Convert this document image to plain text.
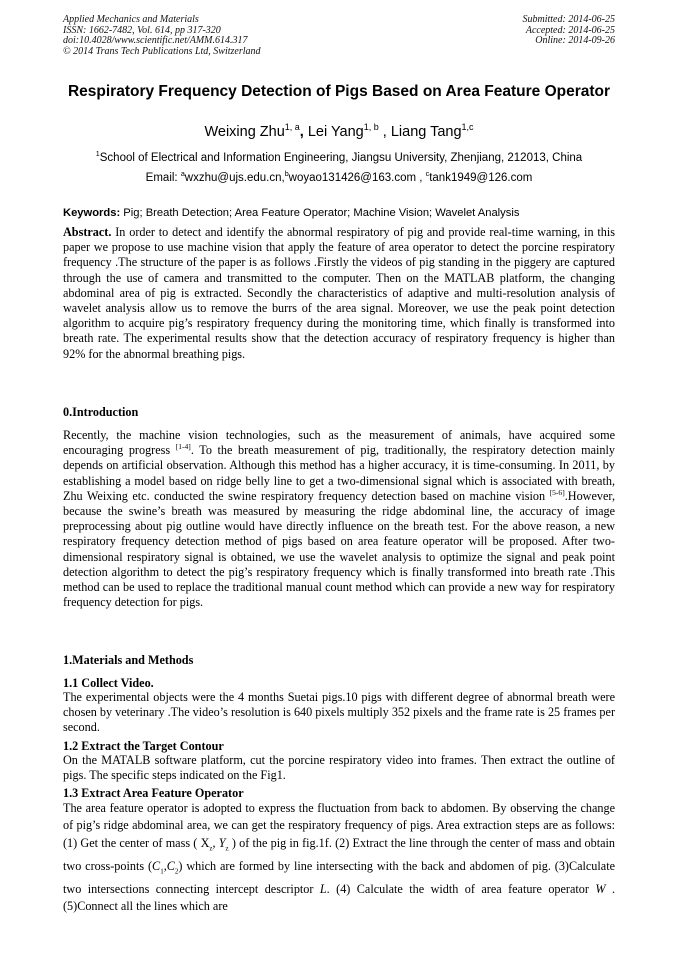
Applied Mechanics and Materials
ISSN: 1662-7482, Vol. 614, pp 317-320
doi:10.4028/www.scientific.net/AMM.614.317
© 2014 Trans Tech Publications Ltd, Switzerland
Submitted: 2014-06-25
Accepted: 2014-06-25
Online: 2014-09-26
Respiratory Frequency Detection of Pigs Based on Area Feature Operator
Weixing Zhu$^{1, a}$, Lei Yang$^{1, b}$ , Liang Tang$^{1,c}$
$^1$School of Electrical and Information Engineering, Jiangsu University, Zhenjiang, 212013, China
Email: $^a$wxzhu@ujs.edu.cn,$^b$woyao131426@163.com , $^c$tank1949@126.com
Keywords: Pig; Breath Detection; Area Feature Operator; Machine Vision; Wavelet Analysis
Abstract. In order to detect and identify the abnormal respiratory of pig and provide real-time warning, in this paper we propose to use machine vision that apply the feature of area operator to detect the porcine respiratory frequency .The structure of the paper is as follows .Firstly the videos of pig standing in the piggery are captured through the use of camera and transmitted to the computer. Then on the MATLAB platform, the changing abdominal area of pig is extracted. Secondly the characteristics of adaptive and multi-resolution analysis of wavelet analysis allow us to remove the burrs of the area signal. Moreover, we use the peak point detection algorithm to acquire pig’s respiratory frequency during the monitoring time, which finally is transformed into breath rate. The experimental results show that the detection accuracy of respiratory frequency is higher than 92% for the abnormal breathing pigs.
0.Introduction
Recently, the machine vision technologies, such as the measurement of animals, have acquired some encouraging progress [1-4]. To the breath measurement of pig, traditionally, the respiratory detection mainly depends on artificial observation. Although this method has a higher accuracy, it is time-consuming. In 2011, by establishing a model based on ridge belly line to get a two-dimensional signal which is associated with breath, Zhu Weixing etc. conducted the swine respiratory frequency detection based on machine vision [5-6].However, because the swine’s breath was measured by measuring the ridge abdominal line, the accuracy of image preprocessing about pig outline would have directly influence on the breath test. For the above reason, a new respiratory frequency detection method of pigs based on area feature operator will be proposed. After two-dimensional respiratory signal is obtained, we use the wavelet analysis to optimize the signal and peak point detection algorithm to detect the pig’s respiratory frequency which is finally transformed into breath rate .This method can be used to replace the traditional manual count method which can provide a new way for respiratory frequency detection for pigs.
1.Materials and Methods
1.1 Collect Video.
The experimental objects were the 4 months Suetai pigs.10 pigs with different degree of abnormal breath were chosen by veterinary .The video’s resolution is 640 pixels multiply 352 pixels and the frame rate is 25 frames per second.
1.2 Extract the Target Contour
On the MATALB software platform, cut the porcine respiratory video into frames. Then extract the outline of pigs. The specific steps indicated on the Fig1.
1.3 Extract Area Feature Operator
The area feature operator is adopted to express the fluctuation from back to abdomen. By observing the change of pig’s ridge abdominal area, we can get the respiratory frequency of pigs. Area extraction steps are as follows: (1) Get the center of mass ( $X_z$, $Y_z$ ) of the pig in fig.1f. (2) Extract the line through the center of mass and obtain two cross-points $(C_1,C_2)$ which are formed by line intersecting with the back and abdomen of pig. (3)Calculate two intersections connecting intercept descriptor L. (4) Calculate the width of area feature operator W . (5)Connect all the lines which are
